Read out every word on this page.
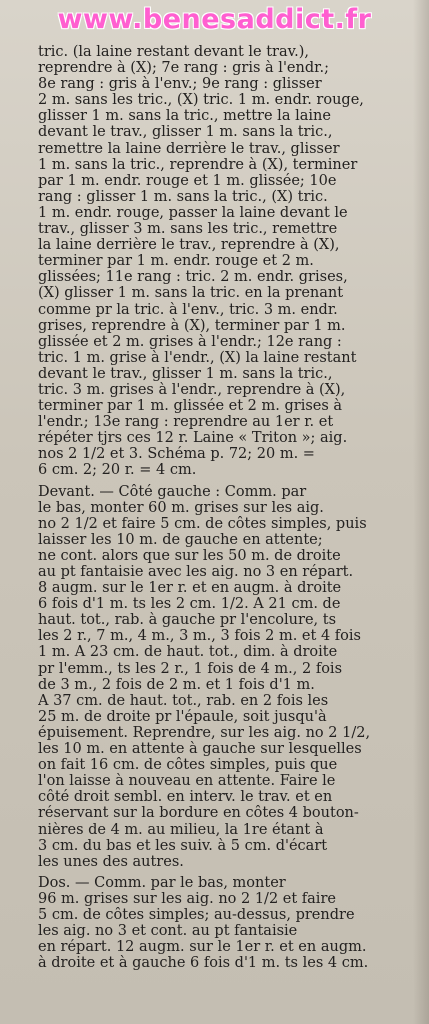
www.benesaddict.fr
tric. (la laine restant devant le trav.),
reprendre à (X); 7e rang : gris à l'endr.;
8e rang : gris à l'env.; 9e rang : glisser
2 m. sans les tric., (X) tric. 1 m. endr. rouge,
glisser 1 m. sans la tric., mettre la laine
devant le trav., glisser 1 m. sans la tric.,
remettre la laine derrière le trav., glisser
1 m. sans la tric., reprendre à (X), terminer
par 1 m. endr. rouge et 1 m. glissée; 10e
rang : glisser 1 m. sans la tric., (X) tric.
1 m. endr. rouge, passer la laine devant le
trav., glisser 3 m. sans les tric., remettre
la laine derrière le trav., reprendre à (X),
terminer par 1 m. endr. rouge et 2 m.
glissées; 11e rang : tric. 2 m. endr. grises,
(X) glisser 1 m. sans la tric. en la prenant
comme pr la tric. à l'env., tric. 3 m. endr.
grises, reprendre à (X), terminer par 1 m.
glissée et 2 m. grises à l'endr.; 12e rang :
tric. 1 m. grise à l'endr., (X) la laine restant
devant le trav., glisser 1 m. sans la tric.,
tric. 3 m. grises à l'endr., reprendre à (X),
terminer par 1 m. glissée et 2 m. grises à
l'endr.; 13e rang : reprendre au 1er r. et
répéter tjrs ces 12 r. Laine « Triton »; aig.
nos 2 1/2 et 3. Schéma p. 72; 20 m. =
6 cm. 2; 20 r. = 4 cm.
Devant. — Côté gauche : Comm. par
le bas, monter 60 m. grises sur les aig.
no 2 1/2 et faire 5 cm. de côtes simples, puis
laisser les 10 m. de gauche en attente;
ne cont. alors que sur les 50 m. de droite
au pt fantaisie avec les aig. no 3 en répart.
8 augm. sur le 1er r. et en augm. à droite
6 fois d'1 m. ts les 2 cm. 1/2. A 21 cm. de
haut. tot., rab. à gauche pr l'encolure, ts
les 2 r., 7 m., 4 m., 3 m., 3 fois 2 m. et 4 fois
1 m. A 23 cm. de haut. tot., dim. à droite
pr l'emm., ts les 2 r., 1 fois de 4 m., 2 fois
de 3 m., 2 fois de 2 m. et 1 fois d'1 m.
A 37 cm. de haut. tot., rab. en 2 fois les
25 m. de droite pr l'épaule, soit jusqu'à
épuisement. Reprendre, sur les aig. no 2 1/2,
les 10 m. en attente à gauche sur lesquelles
on fait 16 cm. de côtes simples, puis que
l'on laisse à nouveau en attente. Faire le
côté droit sembl. en interv. le trav. et en
réservant sur la bordure en côtes 4 bouton-
nières de 4 m. au milieu, la 1re étant à
3 cm. du bas et les suiv. à 5 cm. d'écart
les unes des autres.
Dos. — Comm. par le bas, monter
96 m. grises sur les aig. no 2 1/2 et faire
5 cm. de côtes simples; au-dessus, prendre
les aig. no 3 et cont. au pt fantaisie
en répart. 12 augm. sur le 1er r. et en augm.
à droite et à gauche 6 fois d'1 m. ts les 4 cm.
